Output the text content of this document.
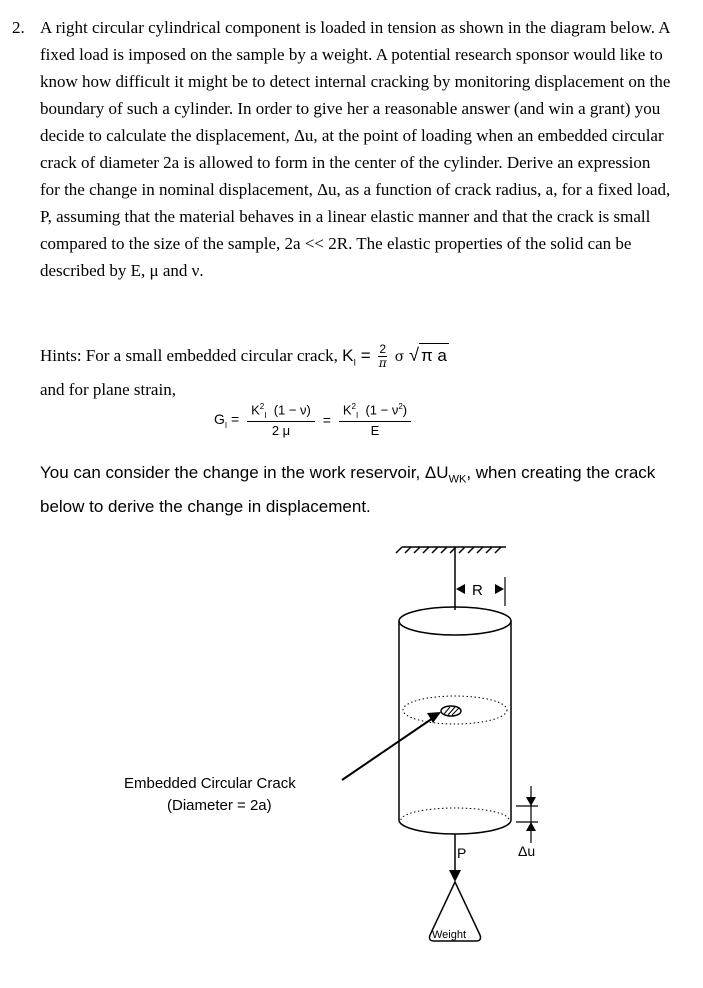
2. A right circular cylindrical component is loaded in tension as shown in the diagram below. A fixed load is imposed on the sample by a weight. A potential research sponsor would like to know how difficult it might be to detect internal cracking by monitoring displacement on the boundary of such a cylinder. In order to give her a reasonable answer (and win a grant) you decide to calculate the displacement, Δu, at the point of loading when an embedded circular crack of diameter 2a is allowed to form in the center of the cylinder. Derive an expression for the change in nominal displacement, Δu, as a function of crack radius, a, for a fixed load, P, assuming that the material behaves in a linear elastic manner and that the crack is small compared to the size of the sample, 2a << 2R. The elastic properties of the solid can be described by E, μ and ν.
Hints: For a small embedded circular crack, $K_I = \frac{2}{\pi}$ σ √ π a
and for plane strain,
$G_I = \frac{K^2_I (1 - \nu)}{2 \mu} = \frac{K^2_I (1 - \nu^2)}{E}$
You can consider the change in the work reservoir, $\Delta U_{WK}$, when creating the crack below to derive the change in displacement.
R
Embedded Circular Crack
(Diameter = 2a)
P
Weight
Δu
